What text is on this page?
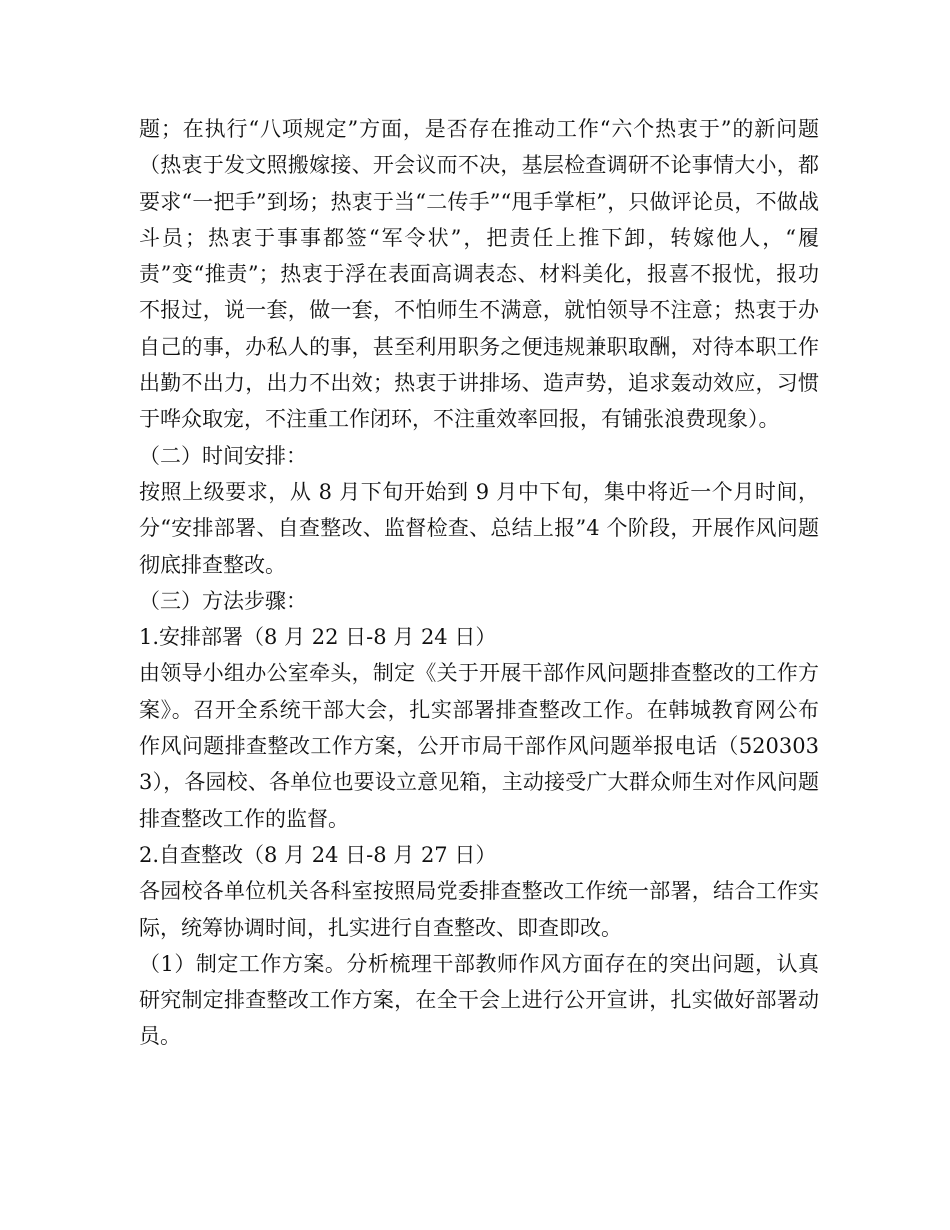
题；在执行“八项规定”方面，是否存在推动工作“六个热衷于”的新问题（热衷于发文照搬嫁接、开会议而不决，基层检查调研不论事情大小，都要求“一把手”到场；热衷于当“二传手”“甩手掌柜”，只做评论员，不做战斗员；热衷于事事都签“军令状”，把责任上推下卸，转嫁他人，“履责”变“推责”；热衷于浮在表面高调表态、材料美化，报喜不报忧，报功不报过，说一套，做一套，不怕师生不满意，就怕领导不注意；热衷于办自己的事，办私人的事，甚至利用职务之便违规兼职取酬，对待本职工作出勤不出力，出力不出效；热衷于讲排场、造声势，追求轰动效应，习惯于哗众取宠，不注重工作闭环，不注重效率回报，有铺张浪费现象）。

（二）时间安排：

按照上级要求，从 8 月下旬开始到 9 月中下旬，集中将近一个月时间，分“安排部署、自查整改、监督检查、总结上报”4 个阶段，开展作风问题彻底排查整改。

（三）方法步骤：

1.安排部署（8 月 22 日-8 月 24 日）

由领导小组办公室牵头，制定《关于开展干部作风问题排查整改的工作方案》。召开全系统干部大会，扎实部署排查整改工作。在韩城教育网公布作风问题排查整改工作方案，公开市局干部作风问题举报电话（5203033），各园校、各单位也要设立意见箱，主动接受广大群众师生对作风问题排查整改工作的监督。

2.自查整改（8 月 24 日-8 月 27 日）

各园校各单位机关各科室按照局党委排查整改工作统一部署，结合工作实际，统筹协调时间，扎实进行自查整改、即查即改。

（1）制定工作方案。分析梳理干部教师作风方面存在的突出问题，认真研究制定排查整改工作方案，在全干会上进行公开宣讲，扎实做好部署动员。
